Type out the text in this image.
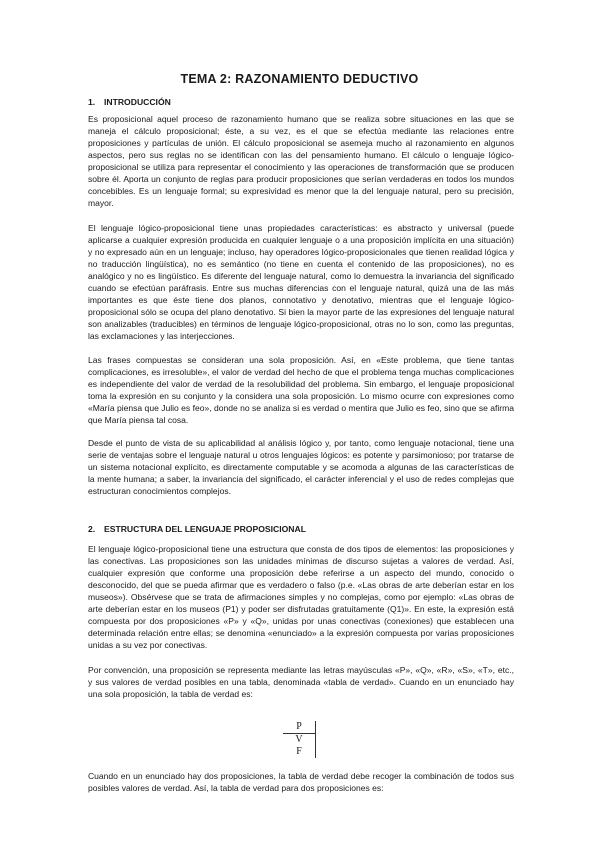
TEMA 2: RAZONAMIENTO DEDUCTIVO
1. INTRODUCCIÓN

Es proposicional aquel proceso de razonamiento humano que se realiza sobre situaciones en las que se maneja el cálculo proposicional; éste, a su vez, es el que se efectúa mediante las relaciones entre proposiciones y partículas de unión. El cálculo proposicional se asemeja mucho al razonamiento en algunos aspectos, pero sus reglas no se identifican con las del pensamiento humano. El cálculo o lenguaje lógico-proposicional se utiliza para representar el conocimiento y las operaciones de transformación que se producen sobre él. Aporta un conjunto de reglas para producir proposiciones que serían verdaderas en todos los mundos concebibles. Es un lenguaje formal; su expresividad es menor que la del lenguaje natural, pero su precisión, mayor.

El lenguaje lógico-proposicional tiene unas propiedades características: es abstracto y universal (puede aplicarse a cualquier expresión producida en cualquier lenguaje o a una proposición implícita en una situación) y no expresado aún en un lenguaje; incluso, hay operadores lógico-proposicionales que tienen realidad lógica y no traducción lingüística), no es semántico (no tiene en cuenta el contenido de las proposiciones), no es analógico y no es lingüístico. Es diferente del lenguaje natural, como lo demuestra la invariancia del significado cuando se efectúan paráfrasis. Entre sus muchas diferencias con el lenguaje natural, quizá una de las más importantes es que éste tiene dos planos, connotativo y denotativo, mientras que el lenguaje lógico-proposicional sólo se ocupa del plano denotativo. Si bien la mayor parte de las expresiones del lenguaje natural son analizables (traducibles) en términos de lenguaje lógico-proposicional, otras no lo son, como las preguntas, las exclamaciones y las interjecciones.

Las frases compuestas se consideran una sola proposición. Así, en «Este problema, que tiene tantas complicaciones, es irresoluble», el valor de verdad del hecho de que el problema tenga muchas complicaciones es independiente del valor de verdad de la resolubilidad del problema. Sin embargo, el lenguaje proposicional toma la expresión en su conjunto y la considera una sola proposición. Lo mismo ocurre con expresiones como «María piensa que Julio es feo», donde no se analiza si es verdad o mentira que Julio es feo, sino que se afirma que María piensa tal cosa.

Desde el punto de vista de su aplicabilidad al análisis lógico y, por tanto, como lenguaje notacional, tiene una serie de ventajas sobre el lenguaje natural u otros lenguajes lógicos: es potente y parsimonioso; por tratarse de un sistema notacional explícito, es directamente computable y se acomoda a algunas de las características de la mente humana; a saber, la invariancia del significado, el carácter inferencial y el uso de redes complejas que estructuran conocimientos complejos.

2. ESTRUCTURA DEL LENGUAJE PROPOSICIONAL

El lenguaje lógico-proposicional tiene una estructura que consta de dos tipos de elementos: las proposiciones y las conectivas. Las proposiciones son las unidades mínimas de discurso sujetas a valores de verdad. Así, cualquier expresión que conforme una proposición debe referirse a un aspecto del mundo, conocido o desconocido, del que se pueda afirmar que es verdadero o falso (p.e. «Las obras de arte deberían estar en los museos»). Obsérvese que se trata de afirmaciones simples y no complejas, como por ejemplo: «Las obras de arte deberían estar en los museos (P1) y poder ser disfrutadas gratuitamente (Q1)». En este, la expresión está compuesta por dos proposiciones «P» y «Q», unidas por unas conectivas (conexiones) que establecen una determinada relación entre ellas; se denomina «enunciado» a la expresión compuesta por varias proposiciones unidas a su vez por conectivas.

Por convención, una proposición se representa mediante las letras mayúsculas «P», «Q», «R», «S», «T», etc., y sus valores de verdad posibles en una tabla, denominada «tabla de verdad». Cuando en un enunciado hay una sola proposición, la tabla de verdad es:

P
V
F

Cuando en un enunciado hay dos proposiciones, la tabla de verdad debe recoger la combinación de todos sus posibles valores de verdad. Así, la tabla de verdad para dos proposiciones es:
